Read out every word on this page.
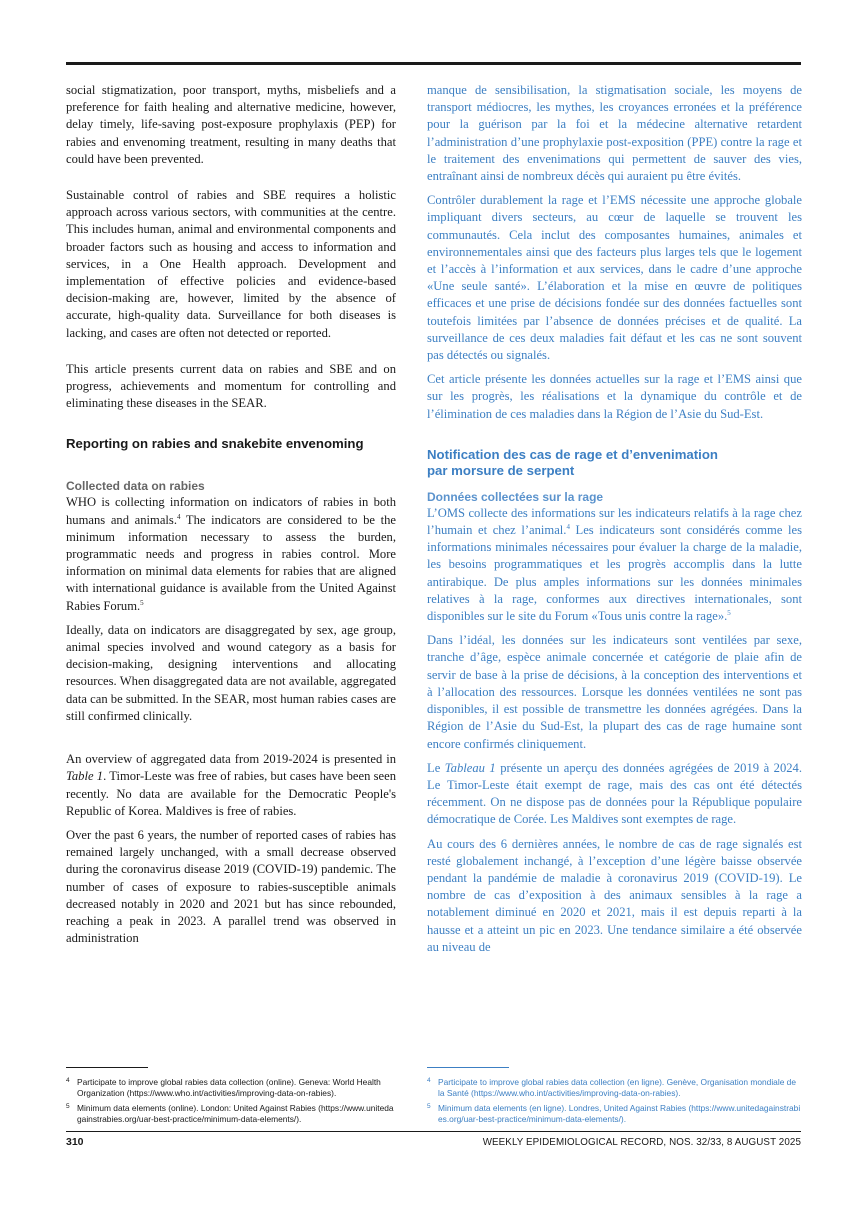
social stigmatization, poor transport, myths, misbeliefs and a preference for faith healing and alternative medicine, however, delay timely, life-saving post-exposure prophylaxis (PEP) for rabies and envenoming treatment, resulting in many deaths that could have been prevented.

Sustainable control of rabies and SBE requires a holistic approach across various sectors, with communities at the centre. This includes human, animal and environmental components and broader factors such as housing and access to information and services, in a One Health approach. Development and implementation of effective policies and evidence-based decision-making are, however, limited by the absence of accurate, high-quality data. Surveillance for both diseases is lacking, and cases are often not detected or reported.

This article presents current data on rabies and SBE and on progress, achievements and momentum for controlling and eliminating these diseases in the SEAR.

Reporting on rabies and snakebite envenoming
Collected data on rabies

WHO is collecting information on indicators of rabies in both humans and animals.$^4$ The indicators are considered to be the minimum information necessary to assess the burden, programmatic needs and progress in rabies control. More information on minimal data elements for rabies that are aligned with international guidance is available from the United Against Rabies Forum.$^5$

Ideally, data on indicators are disaggregated by sex, age group, animal species involved and wound category as a basis for decision-making, designing interventions and allocating resources. When disaggregated data are not available, aggregated data can be submitted. In the SEAR, most human rabies cases are still confirmed clinically.

An overview of aggregated data from 2019-2024 is presented in Table 1. Timor-Leste was free of rabies, but cases have been seen recently. No data are available for the Democratic People's Republic of Korea. Maldives is free of rabies.

Over the past 6 years, the number of reported cases of rabies has remained largely unchanged, with a small decrease observed during the coronavirus disease 2019 (COVID-19) pandemic. The number of cases of exposure to rabies-susceptible animals decreased notably in 2020 and 2021 but has since rebounded, reaching a peak in 2023. A parallel trend was observed in administration

manque de sensibilisation, la stigmatisation sociale, les moyens de transport médiocres, les mythes, les croyances erronées et la préférence pour la guérison par la foi et la médecine alternative retardent l’administration d’une prophylaxie post-exposition (PPE) contre la rage et le traitement des envenimations qui permettent de sauver des vies, entraînant ainsi de nombreux décès qui auraient pu être évités.

Contrôler durablement la rage et l’EMS nécessite une approche globale impliquant divers secteurs, au cœur de laquelle se trouvent les communautés. Cela inclut des composantes humaines, animales et environnementales ainsi que des facteurs plus larges tels que le logement et l’accès à l’information et aux services, dans le cadre d’une approche «Une seule santé». L’élaboration et la mise en œuvre de politiques efficaces et une prise de décisions fondée sur des données factuelles sont toutefois limitées par l’absence de données précises et de qualité. La surveillance de ces deux maladies fait défaut et les cas ne sont souvent pas détectés ou signalés.

Cet article présente les données actuelles sur la rage et l’EMS ainsi que sur les progrès, les réalisations et la dynamique du contrôle et de l’élimination de ces maladies dans la Région de l’Asie du Sud-Est.

Notification des cas de rage et d’envenimation
par morsure de serpent
Données collectées sur la rage

L’OMS collecte des informations sur les indicateurs relatifs à la rage chez l’humain et chez l’animal.$^4$ Les indicateurs sont considérés comme les informations minimales nécessaires pour évaluer la charge de la maladie, les besoins programmatiques et les progrès accomplis dans la lutte antirabique. De plus amples informations sur les données minimales relatives à la rage, conformes aux directives internationales, sont disponibles sur le site du Forum «Tous unis contre la rage».$^5$

Dans l’idéal, les données sur les indicateurs sont ventilées par sexe, tranche d’âge, espèce animale concernée et catégorie de plaie afin de servir de base à la prise de décisions, à la conception des interventions et à l’allocation des ressources. Lorsque les données ventilées ne sont pas disponibles, il est possible de transmettre les données agrégées. Dans la Région de l’Asie du Sud-Est, la plupart des cas de rage humaine sont encore confirmés cliniquement.

Le Tableau 1 présente un aperçu des données agrégées de 2019 à 2024. Le Timor-Leste était exempt de rage, mais des cas ont été détectés récemment. On ne dispose pas de données pour la République populaire démocratique de Corée. Les Maldives sont exemptes de rage.

Au cours des 6 dernières années, le nombre de cas de rage signalés est resté globalement inchangé, à l’exception d’une légère baisse observée pendant la pandémie de maladie à coronavirus 2019 (COVID-19). Le nombre de cas d’exposition à des animaux sensibles à la rage a notablement diminué en 2020 et 2021, mais il est depuis reparti à la hausse et a atteint un pic en 2023. Une tendance similaire a été observée au niveau de

4 Participate to improve global rabies data collection (online). Geneva: World Health Organization (https://www.who.int/activities/improving-data-on-rabies).
5 Minimum data elements (online). London: United Against Rabies (https://www.unitedagainstrabies.org/uar-best-practice/minimum-data-elements/).
4 Participate to improve global rabies data collection (en ligne). Genève, Organisation mondiale de la Santé (https://www.who.int/activities/improving-data-on-rabies).
5 Minimum data elements (en ligne). Londres, United Against Rabies (https://www.unitedagainstrabies.org/uar-best-practice/minimum-data-elements/).
310	WEEKLY EPIDEMIOLOGICAL RECORD, NOS. 32/33, 8 AUGUST 2025
